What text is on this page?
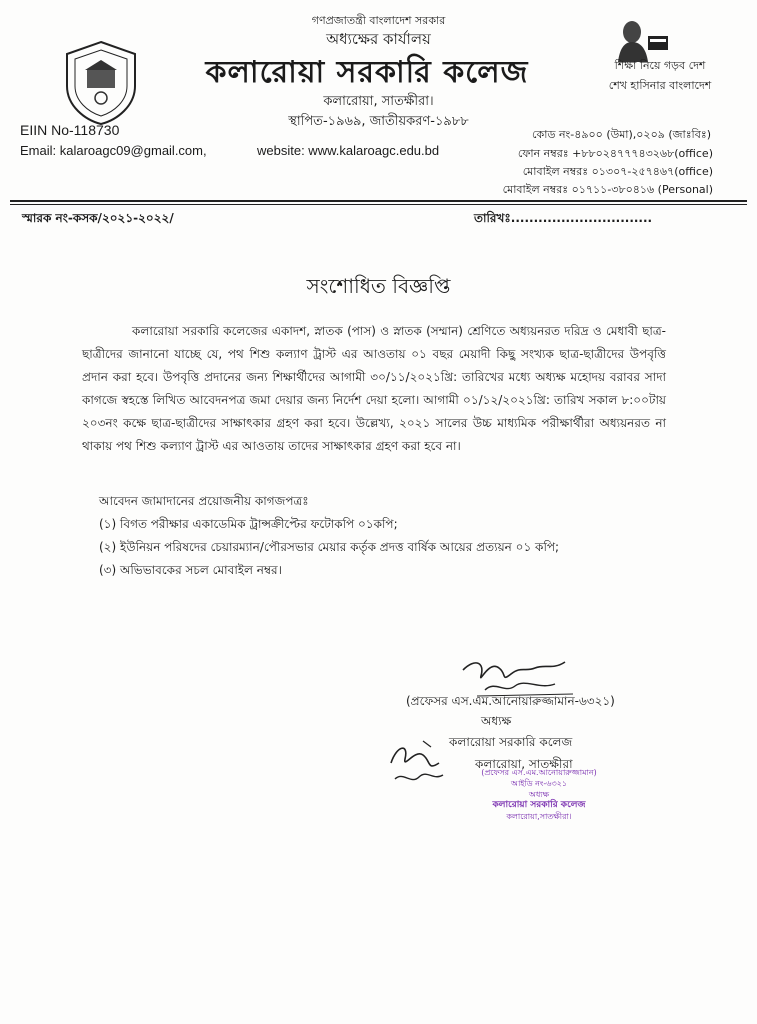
গণপ্রজাতন্ত্রী বাংলাদেশ সরকার
অধ্যক্ষের কার্যালয়
কলারোয়া সরকারি কলেজ
কলারোয়া, সাতক্ষীরা।
স্থাপিত-১৯৬৯, জাতীয়করণ-১৯৮৮
শিক্ষা নিয়ে গড়ব দেশ
শেখ হাসিনার বাংলাদেশ
EIIN No-118730
Email: kalaroagc09@gmail.com,	website: www.kalaroagc.edu.bd
কোড নং-৪৯০০ (উমা),০২০৯ (জাঃবিঃ)
ফোন নম্বরঃ +৮৮০২৪৭৭৭৪৩২৬৮(office)
মোবাইল নম্বরঃ ০১৩০৭-২৫৭৪৬৭(office)
মোবাইল নম্বরঃ ০১৭১১-৩৮০৪১৬ (Personal)
স্মারক নং-কসক/২০২১-২০২২/	তারিখঃ...............................
সংশোধিত বিজ্ঞপ্তি

কলারোয়া সরকারি কলেজের একাদশ, স্নাতক (পাস) ও স্নাতক (সম্মান) শ্রেণিতে অধ্যয়নরত দরিদ্র ও মেধাবী ছাত্র-ছাত্রীদের জানানো যাচ্ছে যে, পথ শিশু কল্যাণ ট্রাস্ট এর আওতায় ০১ বছর মেয়াদী কিছু সংখ্যক ছাত্র-ছাত্রীদের উপবৃত্তি প্রদান করা হবে। উপবৃত্তি প্রদানের জন্য শিক্ষার্থীদের আগামী ৩০/১১/২০২১খ্রি: তারিখের মধ্যে অধ্যক্ষ মহোদয় বরাবর সাদা কাগজে স্বহস্তে লিখিত আবেদনপত্র জমা দেয়ার জন্য নির্দেশ দেয়া হলো। আগামী ০১/১২/২০২১খ্রি: তারিখ সকাল ৮:০০টায় ২০৩নং কক্ষে ছাত্র-ছাত্রীদের সাক্ষাৎকার গ্রহণ করা হবে। উল্লেখ্য, ২০২১ সালের উচ্চ মাধ্যমিক পরীক্ষার্থীরা অধ্যয়নরত না থাকায় পথ শিশু কল্যাণ ট্রাস্ট এর আওতায় তাদের সাক্ষাৎকার গ্রহণ করা হবে না।

আবেদন জামাদানের প্রয়োজনীয় কাগজপত্রঃ
(১) বিগত পরীক্ষার একাডেমিক ট্রান্সক্রীপ্টের ফটোকপি ০১কপি;
(২) ইউনিয়ন পরিষদের চেয়ারম্যান/পৌরসভার মেয়ার কর্তৃক প্রদত্ত বার্ষিক আয়ের প্রত্যয়ন ০১ কপি;
(৩) অভিভাবকের সচল মোবাইল নম্বর।
(প্রফেসর এস.এম.আনোয়ারুজ্জামান-৬৩২১)
অধ্যক্ষ
কলারোয়া সরকারি কলেজ
কলারোয়া, সাতক্ষীরা
(প্রফেসর এস.এম.আনোয়ারুজ্জামান)
আইডি নং-৬৩২১
অধ্যক্ষ
কলারোয়া সরকারি কলেজ
কলারোয়া,সাতক্ষীরা।
